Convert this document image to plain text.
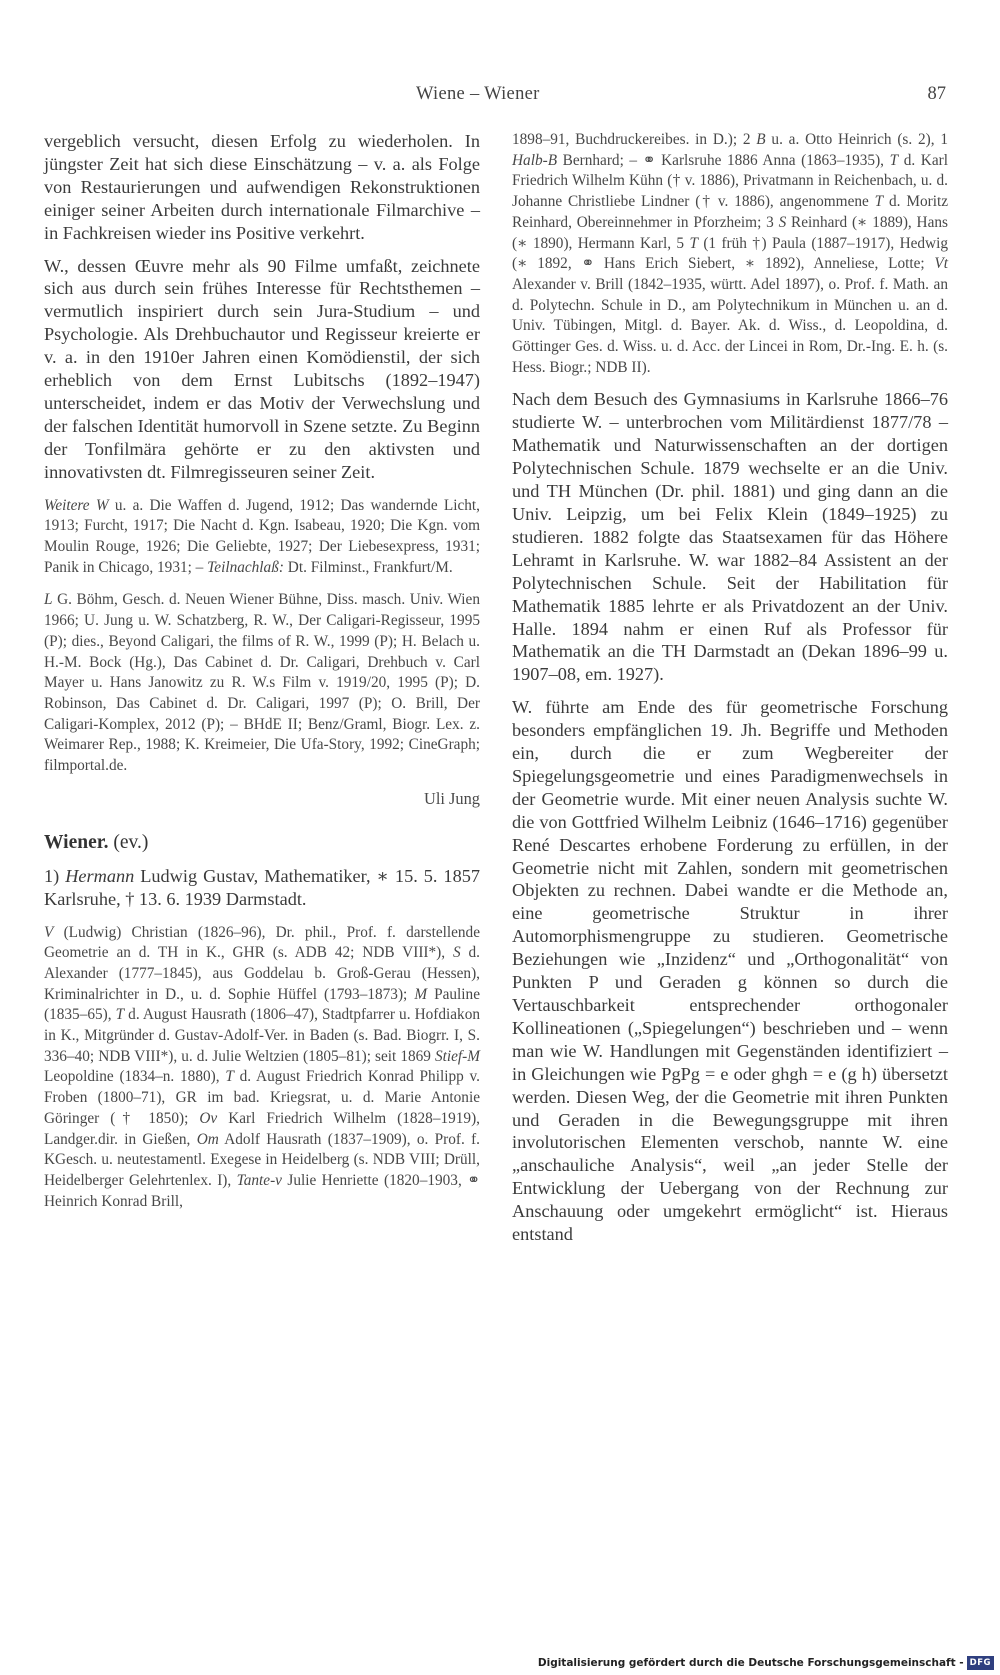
Wiene – Wiener	87

vergeblich versucht, diesen Erfolg zu wiederholen. In jüngster Zeit hat sich diese Einschätzung – v. a. als Folge von Restaurierungen und aufwendigen Rekonstruktionen einiger seiner Arbeiten durch internationale Filmarchive – in Fachkreisen wieder ins Positive verkehrt.

W., dessen Œuvre mehr als 90 Filme umfaßt, zeichnete sich aus durch sein frühes Interesse für Rechtsthemen – vermutlich inspiriert durch sein Jura-Studium – und Psychologie. Als Drehbuchautor und Regisseur kreierte er v. a. in den 1910er Jahren einen Komödienstil, der sich erheblich von dem Ernst Lubitschs (1892–1947) unterscheidet, indem er das Motiv der Verwechslung und der falschen Identität humorvoll in Szene setzte. Zu Beginn der Tonfilmära gehörte er zu den aktivsten und innovativsten dt. Filmregisseuren seiner Zeit.

Weitere W u. a. Die Waffen d. Jugend, 1912; Das wandernde Licht, 1913; Furcht, 1917; Die Nacht d. Kgn. Isabeau, 1920; Die Kgn. vom Moulin Rouge, 1926; Die Geliebte, 1927; Der Liebesexpress, 1931; Panik in Chicago, 1931; – Teilnachlaß: Dt. Filminst., Frankfurt/M.

L G. Böhm, Gesch. d. Neuen Wiener Bühne, Diss. masch. Univ. Wien 1966; U. Jung u. W. Schatzberg, R. W., Der Caligari-Regisseur, 1995 (P); dies., Beyond Caligari, the films of R. W., 1999 (P); H. Belach u. H.-M. Bock (Hg.), Das Cabinet d. Dr. Caligari, Drehbuch v. Carl Mayer u. Hans Janowitz zu R. W.s Film v. 1919/20, 1995 (P); D. Robinson, Das Cabinet d. Dr. Caligari, 1997 (P); O. Brill, Der Caligari-Komplex, 2012 (P); – BHdE II; Benz/Graml, Biogr. Lex. z. Weimarer Rep., 1988; K. Kreimeier, Die Ufa-Story, 1992; CineGraph; filmportal.de.

Uli Jung

Wiener. (ev.)

1) Hermann Ludwig Gustav, Mathematiker, ∗ 15. 5. 1857 Karlsruhe, † 13. 6. 1939 Darmstadt.

V (Ludwig) Christian (1826–96), Dr. phil., Prof. f. darstellende Geometrie an d. TH in K., GHR (s. ADB 42; NDB VIII*), S d. Alexander (1777–1845), aus Goddelau b. Groß-Gerau (Hessen), Kriminalrichter in D., u. d. Sophie Hüffel (1793–1873); M Pauline (1835–65), T d. August Hausrath (1806–47), Stadtpfarrer u. Hofdiakon in K., Mitgründer d. Gustav-Adolf-Ver. in Baden (s. Bad. Biogrr. I, S. 336–40; NDB VIII*), u. d. Julie Weltzien (1805–81); seit 1869 Stief-M Leopoldine (1834–n. 1880), T d. August Friedrich Konrad Philipp v. Froben (1800–71), GR im bad. Kriegsrat, u. d. Marie Antonie Göringer († 1850); Ov Karl Friedrich Wilhelm (1828–1919), Landger.dir. in Gießen, Om Adolf Hausrath (1837–1909), o. Prof. f. KGesch. u. neutestamentl. Exegese in Heidelberg (s. NDB VIII; Drüll, Heidelberger Gelehrtenlex. I), Tante-v Julie Henriette (1820–1903, ⚭ Heinrich Konrad Brill,

1898–91, Buchdruckereibes. in D.); 2 B u. a. Otto Heinrich (s. 2), 1 Halb-B Bernhard; – ⚭ Karlsruhe 1886 Anna (1863–1935), T d. Karl Friedrich Wilhelm Kühn († v. 1886), Privatmann in Reichenbach, u. d. Johanne Christliebe Lindner († v. 1886), angenommene T d. Moritz Reinhard, Obereinnehmer in Pforzheim; 3 S Reinhard (∗ 1889), Hans (∗ 1890), Hermann Karl, 5 T (1 früh †) Paula (1887–1917), Hedwig (∗ 1892, ⚭ Hans Erich Siebert, ∗ 1892), Anneliese, Lotte; Vt Alexander v. Brill (1842–1935, württ. Adel 1897), o. Prof. f. Math. an d. Polytechn. Schule in D., am Polytechnikum in München u. an d. Univ. Tübingen, Mitgl. d. Bayer. Ak. d. Wiss., d. Leopoldina, d. Göttinger Ges. d. Wiss. u. d. Acc. der Lincei in Rom, Dr.-Ing. E. h. (s. Hess. Biogr.; NDB II).

Nach dem Besuch des Gymnasiums in Karlsruhe 1866–76 studierte W. – unterbrochen vom Militärdienst 1877/78 – Mathematik und Naturwissenschaften an der dortigen Polytechnischen Schule. 1879 wechselte er an die Univ. und TH München (Dr. phil. 1881) und ging dann an die Univ. Leipzig, um bei Felix Klein (1849–1925) zu studieren. 1882 folgte das Staatsexamen für das Höhere Lehramt in Karlsruhe. W. war 1882–84 Assistent an der Polytechnischen Schule. Seit der Habilitation für Mathematik 1885 lehrte er als Privatdozent an der Univ. Halle. 1894 nahm er einen Ruf als Professor für Mathematik an die TH Darmstadt an (Dekan 1896–99 u. 1907–08, em. 1927).

W. führte am Ende des für geometrische Forschung besonders empfänglichen 19. Jh. Begriffe und Methoden ein, durch die er zum Wegbereiter der Spiegelungsgeometrie und eines Paradigmenwechsels in der Geometrie wurde. Mit einer neuen Analysis suchte W. die von Gottfried Wilhelm Leibniz (1646–1716) gegenüber René Descartes erhobene Forderung zu erfüllen, in der Geometrie nicht mit Zahlen, sondern mit geometrischen Objekten zu rechnen. Dabei wandte er die Methode an, eine geometrische Struktur in ihrer Automorphismengruppe zu studieren. Geometrische Beziehungen wie „Inzidenz“ und „Orthogonalität“ von Punkten P und Geraden g können so durch die Vertauschbarkeit entsprechender orthogonaler Kollineationen („Spiegelungen“) beschrieben und – wenn man wie W. Handlungen mit Gegenständen identifiziert – in Gleichungen wie PgPg = e oder ghgh = e (g h) übersetzt werden. Diesen Weg, der die Geometrie mit ihren Punkten und Geraden in die Bewegungsgruppe mit ihren involutorischen Elementen verschob, nannte W. eine „anschauliche Analysis“, weil „an jeder Stelle der Entwicklung der Uebergang von der Rechnung zur Anschauung oder umgekehrt ermöglicht“ ist. Hieraus entstand

Digitalisierung gefördert durch die Deutsche Forschungsgemeinschaft - DFG
